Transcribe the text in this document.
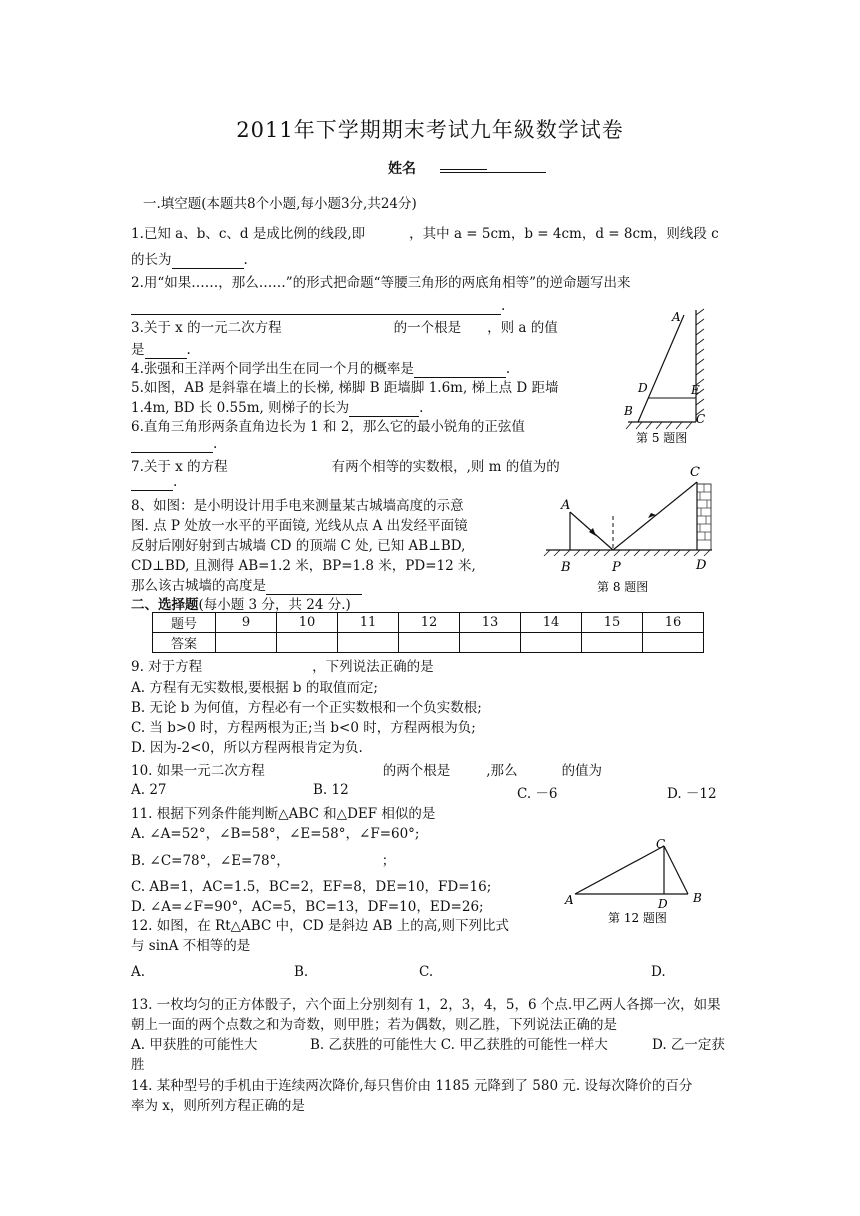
2011年下学期期末考试九年級数学试卷
姓名
一.填空题(本题共8个小题,每小题3分,共24分)
1.已知 a、b、c、d 是成比例的线段,即	，其中 a = 5cm，b = 4cm，d = 8cm，则线段 c
的长为	.
2.用“如果……，那么……”的形式把命题“等腰三角形的两底角相等”的逆命题写出来
.
3.关于 x 的一元二次方程	的一个根是 ，则 a 的值
是	.
4.张强和王洋两个同学出生在同一个月的概率是	.
5.如图，AB 是斜靠在墙上的长梯, 梯脚 B 距墙脚 1.6m, 梯上点 D 距墙
1.4m, BD 长 0.55m, 则梯子的长为	.
6.直角三角形两条直角边长为 1 和 2，那么它的最小锐角的正弦值
.
7.关于 x 的方程	有两个相等的实数根，,则 m 的值为的
.
8、如图：是小明设计用手电来测量某古城墙高度的示意
图. 点 P 处放一水平的平面镜, 光线从点 A 出发经平面镜
反射后刚好射到古城墙 CD 的顶端 C 处, 已知 AB⊥BD,
CD⊥BD, 且测得 AB=1.2 米，BP=1.8 米，PD=12 米,
那么该古城墙的高度是
二、选择题(每小题 3 分，共 24 分.)
题号	9	10	11	12	13	14	15	16
答案								
9. 对于方程	，下列说法正确的是
A. 方程有无实数根,要根据 b 的取值而定;
B. 无论 b 为何值，方程必有一个正实数根和一个负实数根;
C. 当 b>0 时，方程两根为正;当 b<0 时，方程两根为负;
D. 因为-2<0，所以方程两根肯定为负.
10. 如果一元二次方程	的两个根是	,那么	的值为
A. 27	B. 12	C. －6	D. －12
11. 根据下列条件能判断△ABC 和△DEF 相似的是
A. ∠A=52°，∠B=58°，∠E=58°，∠F=60°;
B. ∠C=78°，∠E=78°，	；
C. AB=1，AC=1.5，BC=2，EF=8，DE=10，FD=16;
D. ∠A=∠F=90°，AC=5，BC=13，DF=10，ED=26;
12. 如图，在 Rt△ABC 中，CD 是斜边 AB 上的高,则下列比式
与 sinA 不相等的是
A.	B.	C.	D.
13. 一枚均匀的正方体骰子，六个面上分别刻有 1，2，3，4，5，6 个点.甲乙两人各掷一次，如果
朝上一面的两个点数之和为奇数，则甲胜；若为偶数，则乙胜，下列说法正确的是
A. 甲获胜的可能性大	B. 乙获胜的可能性大 C. 甲乙获胜的可能性一样大	D. 乙一定获
胜
14. 某种型号的手机由于连续两次降价,每只售价由 1185 元降到了 580 元. 设每次降价的百分
率为 x，则所列方程正确的是
A
D	E
B
C
第 5 题图
A
C
B	P	D
第 8 题图
C
A	D B
第 12 题图
